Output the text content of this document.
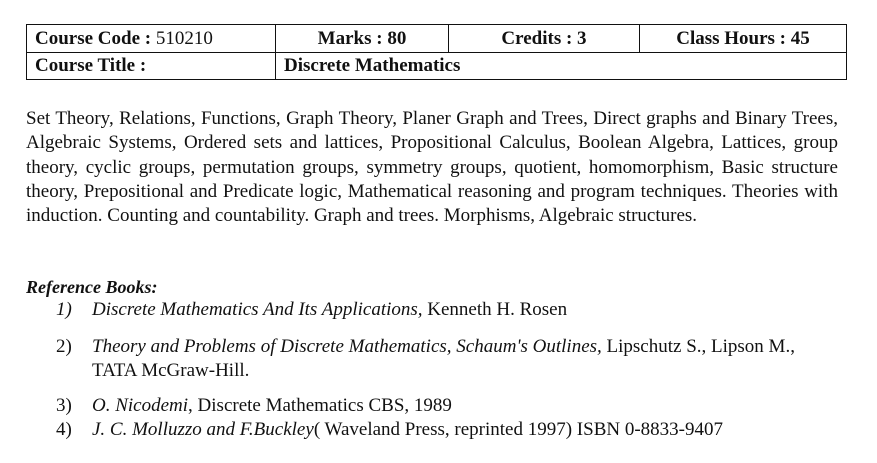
Course Code : 510210	Marks : 80	Credits : 3	Class Hours : 45
Course Title :	Discrete Mathematics		

Set Theory, Relations, Functions, Graph Theory, Planer Graph and Trees, Direct graphs and Binary Trees, Algebraic Systems, Ordered sets and lattices, Propositional Calculus, Boolean Algebra, Lattices, group theory, cyclic groups, permutation groups, symmetry groups, quotient, homomorphism, Basic structure theory, Prepositional and Predicate logic, Mathematical reasoning and program techniques. Theories with induction. Counting and countability. Graph and trees. Morphisms, Algebraic structures.

Reference Books:

1)	Discrete Mathematics And Its Applications, Kenneth H. Rosen
2)	Theory and Problems of Discrete Mathematics, Schaum's Outlines, Lipschutz S., Lipson M., TATA McGraw-Hill.
3)	O. Nicodemi, Discrete Mathematics CBS, 1989
4)	J. C. Molluzzo and F.Buckley( Waveland Press, reprinted 1997) ISBN 0-8833-9407
